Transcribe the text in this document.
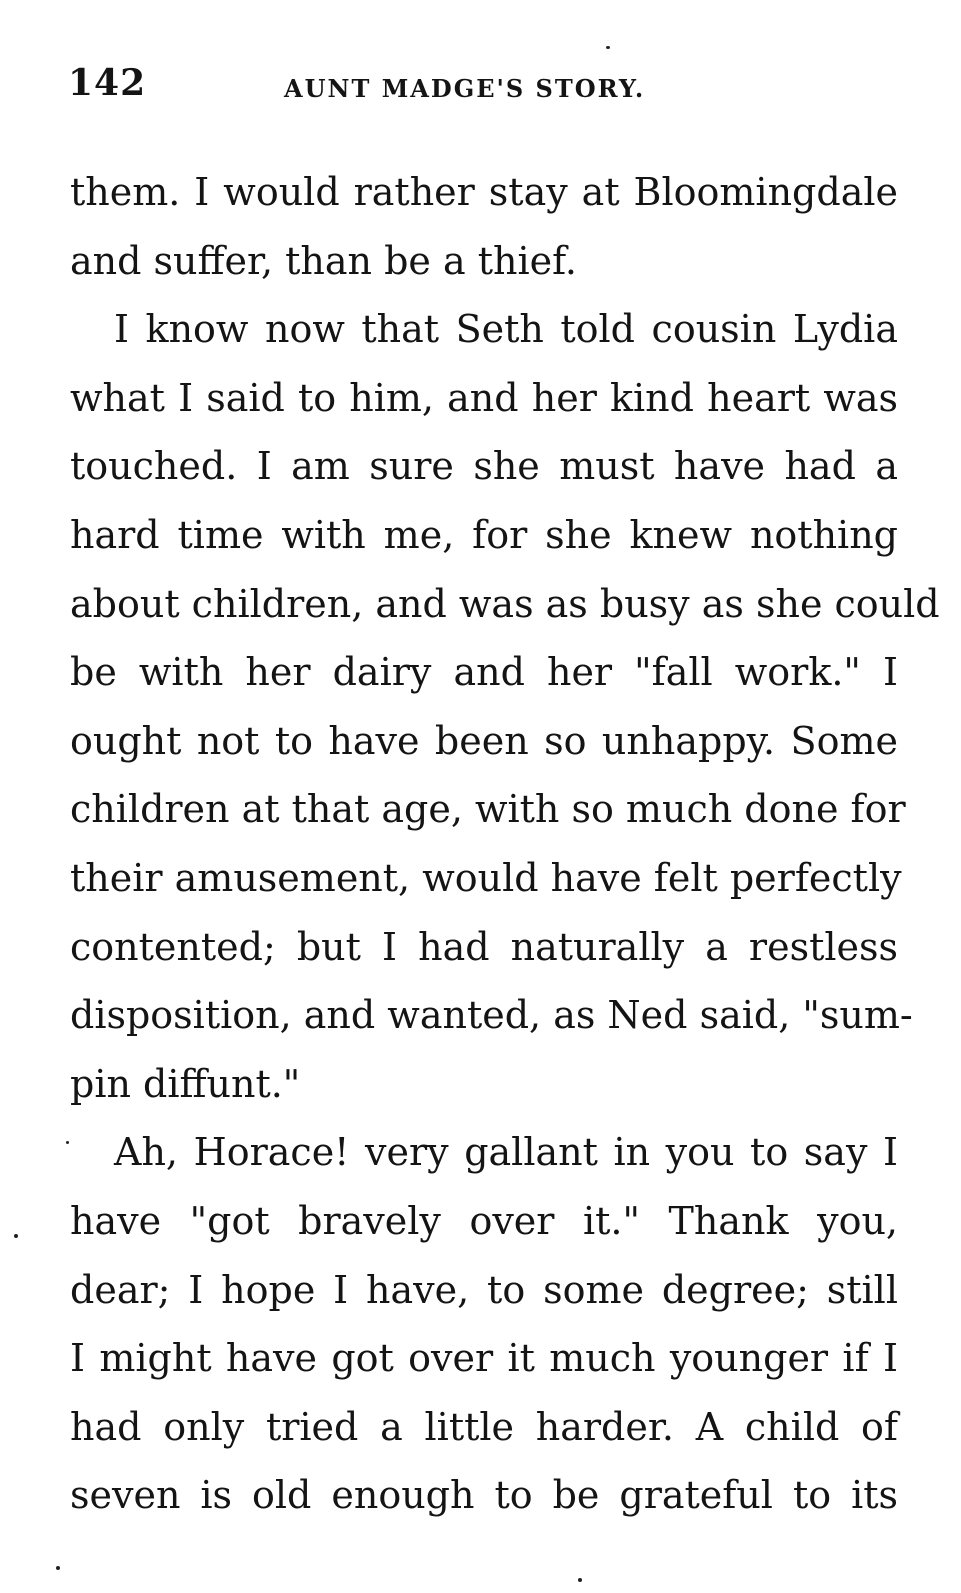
142	AUNT MADGE'S STORY.
them. I would rather stay at Bloomingdale
and suffer, than be a thief.
I know now that Seth told cousin Lydia
what I said to him, and her kind heart was
touched. I am sure she must have had a
hard time with me, for she knew nothing
about children, and was as busy as she could
be with her dairy and her "fall work." I
ought not to have been so unhappy. Some
children at that age, with so much done for
their amusement, would have felt perfectly
contented; but I had naturally a restless
disposition, and wanted, as Ned said, "sum-
pin diffunt."
Ah, Horace! very gallant in you to say I
have "got bravely over it." Thank you,
dear; I hope I have, to some degree; still
I might have got over it much younger if I
had only tried a little harder. A child of
seven is old enough to be grateful to its
